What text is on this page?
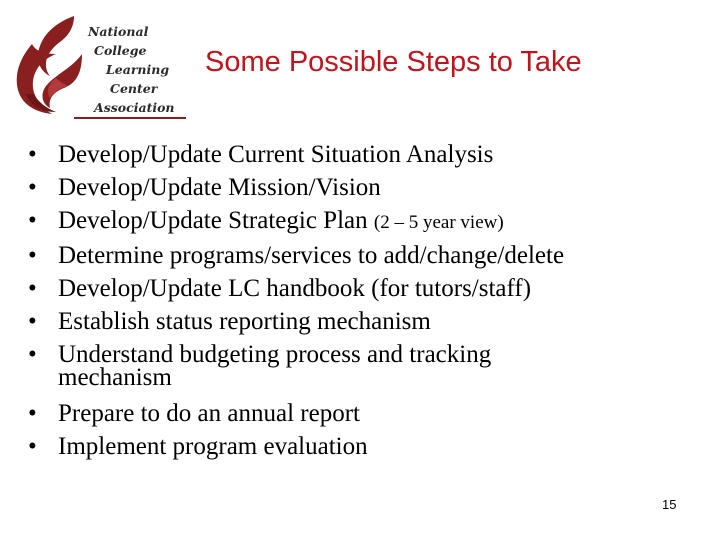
National
College
Learning
Center
Association
Some Possible Steps to Take
• Develop/Update Current Situation Analysis
• Develop/Update Mission/Vision
• Develop/Update Strategic Plan (2 – 5 year view)
• Determine programs/services to add/change/delete
• Develop/Update LC handbook (for tutors/staff)
• Establish status reporting mechanism
• Understand budgeting process and tracking
mechanism
• Prepare to do an annual report
• Implement program evaluation
15
